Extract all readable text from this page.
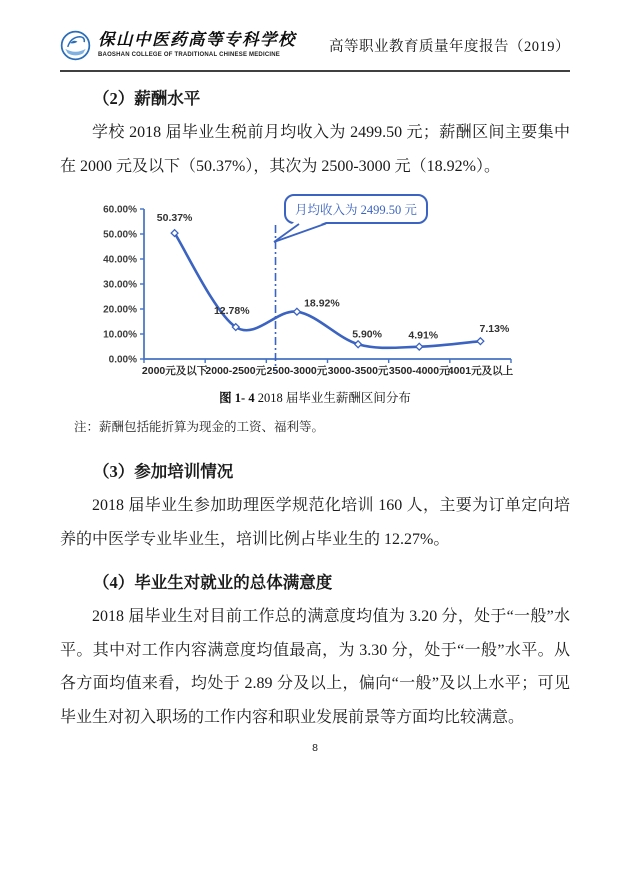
保山中医药高等专科学校
BAOSHAN COLLEGE OF TRADITIONAL CHINESE MEDICINE
高等职业教育质量年度报告（2019）
（2）薪酬水平

学校 2018 届毕业生税前月均收入为 2499.50 元；薪酬区间主要集中在 2000 元及以下（50.37%），其次为 2500-3000 元（18.92%）。

0.00%
10.00%
20.00%
30.00%
40.00%
50.00%
60.00%
2000元及以下
2000-2500元 2500-3000元 3000-3500元 3500-4000元
4001元及以上
50.37%
12.78%
18.92%
5.90%	4.91%
7.13%
月均收入为 2499.50 元
图 1- 4 2018 届毕业生薪酬区间分布
注：薪酬包括能折算为现金的工资、福利等。
（3）参加培训情况

2018 届毕业生参加助理医学规范化培训 160 人，主要为订单定向培养的中医学专业毕业生，培训比例占毕业生的 12.27%。

（4）毕业生对就业的总体满意度

2018 届毕业生对目前工作总的满意度均值为 3.20 分，处于“一般”水平。其中对工作内容满意度均值最高，为 3.30 分，处于“一般”水平。从各方面均值来看，均处于 2.89 分及以上，偏向“一般”及以上水平；可见毕业生对初入职场的工作内容和职业发展前景等方面均比较满意。

8
